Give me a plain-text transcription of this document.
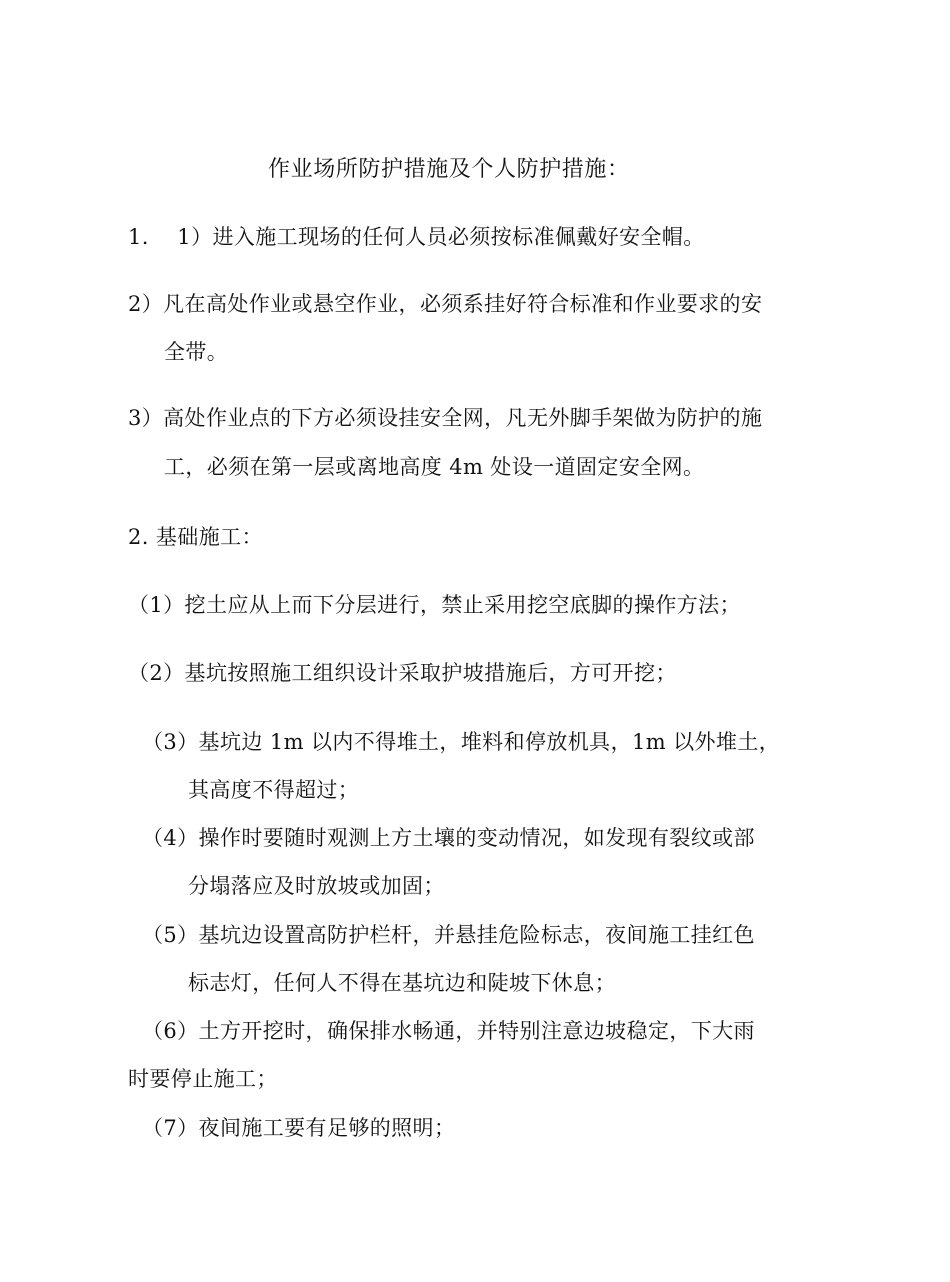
作业场所防护措施及个人防护措施：
1.　 1）进入施工现场的任何人员必须按标准佩戴好安全帽。
2）凡在高处作业或悬空作业，必须系挂好符合标准和作业要求的安
全带。
3）高处作业点的下方必须设挂安全网，凡无外脚手架做为防护的施
工，必须在第一层或离地高度 4m 处设一道固定安全网。
2. 基础施工：
（1）挖土应从上而下分层进行，禁止采用挖空底脚的操作方法；
（2）基坑按照施工组织设计采取护坡措施后，方可开挖；
（3）基坑边 1m 以内不得堆土，堆料和停放机具，1m 以外堆土，
其高度不得超过；
（4）操作时要随时观测上方土壤的变动情况，如发现有裂纹或部
分塌落应及时放坡或加固；
（5）基坑边设置高防护栏杆，并悬挂危险标志，夜间施工挂红色
标志灯，任何人不得在基坑边和陡坡下休息；
（6）土方开挖时，确保排水畅通，并特别注意边坡稳定，下大雨
时要停止施工；
（7）夜间施工要有足够的照明；
